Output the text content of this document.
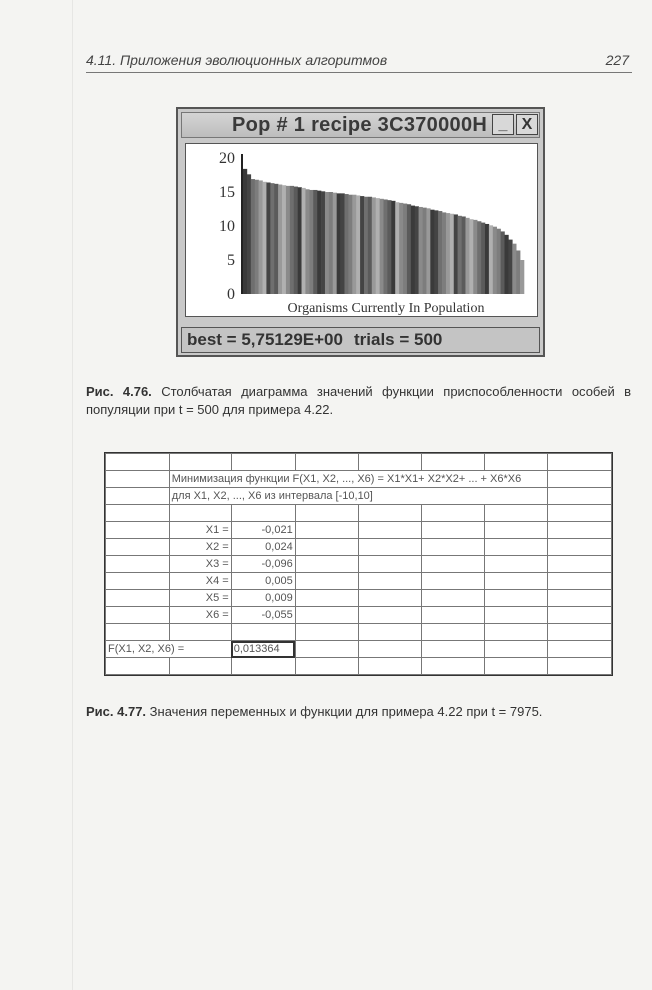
4.11. Приложения эволюционных алгоритмов	227
Pop # 1 recipe 3C370000H _ X
20
15
10
5
0
Organisms Currently In Population
best = 5,75129E+00 trials = 500
Рис. 4.76. Столбчатая диаграмма значений функции приспособленности особей в популяции при t = 500 для примера 4.22.

	Минимизация функции F(X1, X2, ..., X6) = X1*X1+ X2*X2+ ... + X6*X6						
	для X1, X2, ..., X6 из интервала [-10,10]						

	X1 =	-0,021					
	X2 =	0,024					
	X3 =	-0,096					
	X4 =	0,005					
	X5 =	0,009					
	X6 =	-0,055					

F(X1, X2, X6) =		0,013364					

Рис. 4.77. Значения переменных и функции для примера 4.22 при t = 7975.
